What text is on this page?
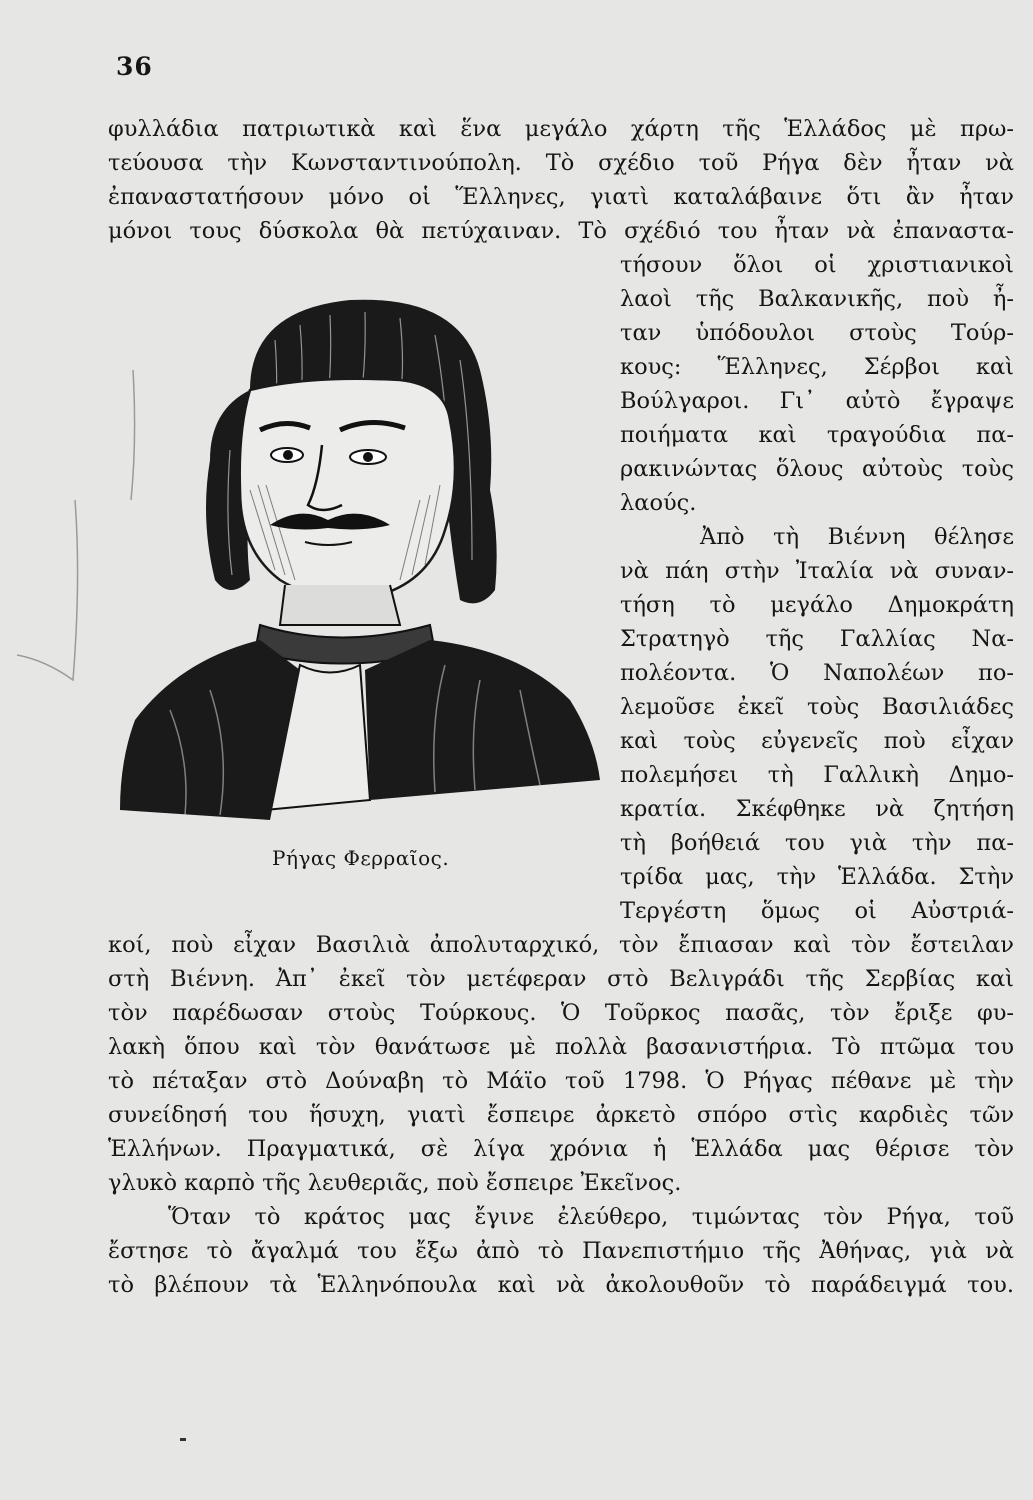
36
φυλλάδια πατριωτικὰ καὶ ἕνα μεγάλο χάρτη τῆς Ἑλλάδος μὲ πρω-
τεύουσα τὴν Κωνσταντινούπολη. Τὸ σχέδιο τοῦ Ρήγα δὲν ἦταν νὰ
ἐπαναστατήσουν μόνο οἱ Ἕλληνες, γιατὶ καταλάβαινε ὅτι ἂν ἦταν
μόνοι τους δύσκολα θὰ πετύχαιναν. Τὸ σχέδιό του ἦταν νὰ ἐπαναστα-
τήσουν ὅλοι οἱ χριστιανικοὶ
λαοὶ τῆς Βαλκανικῆς, ποὺ ἦ-
ταν ὑπόδουλοι στοὺς Τούρ-
κους: Ἕλληνες, Σέρβοι καὶ
Βούλγαροι. Γι᾽ αὐτὸ ἔγραψε
ποιήματα καὶ τραγούδια πα-
ρακινώντας ὅλους αὐτοὺς τοὺς
λαούς.
Ἀπὸ τὴ Βιέννη θέλησε
νὰ πάη στὴν Ἰταλία νὰ συναν-
τήση τὸ μεγάλο Δημοκράτη
Στρατηγὸ τῆς Γαλλίας Να-
πολέοντα. Ὁ Ναπολέων πο-
λεμοῦσε ἐκεῖ τοὺς Βασιλιάδες
καὶ τοὺς εὐγενεῖς ποὺ εἶχαν
πολεμήσει τὴ Γαλλικὴ Δημο-
κρατία. Σκέφθηκε νὰ ζητήση
τὴ βοήθειά του γιὰ τὴν πα-
τρίδα μας, τὴν Ἑλλάδα. Στὴν
Τεργέστη ὅμως οἱ Αὐστριά-
κοί, ποὺ εἶχαν Βασιλιὰ ἀπολυταρχικό, τὸν ἔπιασαν καὶ τὸν ἔστειλαν
στὴ Βιέννη. Ἀπ᾽ ἐκεῖ τὸν μετέφεραν στὸ Βελιγράδι τῆς Σερβίας καὶ
τὸν παρέδωσαν στοὺς Τούρκους. Ὁ Τοῦρκος πασᾶς, τὸν ἔριξε φυ-
λακὴ ὅπου καὶ τὸν θανάτωσε μὲ πολλὰ βασανιστήρια. Τὸ πτῶμα του
τὸ πέταξαν στὸ Δούναβη τὸ Μάϊο τοῦ 1798. Ὁ Ρήγας πέθανε μὲ τὴν
συνείδησή του ἥσυχη, γιατὶ ἔσπειρε ἀρκετὸ σπόρο στὶς καρδιὲς τῶν
Ἑλλήνων. Πραγματικά, σὲ λίγα χρόνια ἡ Ἑλλάδα μας θέρισε τὸν
γλυκὸ καρπὸ τῆς λευθεριᾶς, ποὺ ἔσπειρε Ἐκεῖνος.
Ὅταν τὸ κράτος μας ἔγινε ἐλεύθερο, τιμώντας τὸν Ρήγα, τοῦ
ἔστησε τὸ ἄγαλμά του ἔξω ἀπὸ τὸ Πανεπιστήμιο τῆς Ἀθήνας, γιὰ νὰ
τὸ βλέπουν τὰ Ἑλληνόπουλα καὶ νὰ ἀκολουθοῦν τὸ παράδειγμά του.
Ρήγας Φερραῖος.
